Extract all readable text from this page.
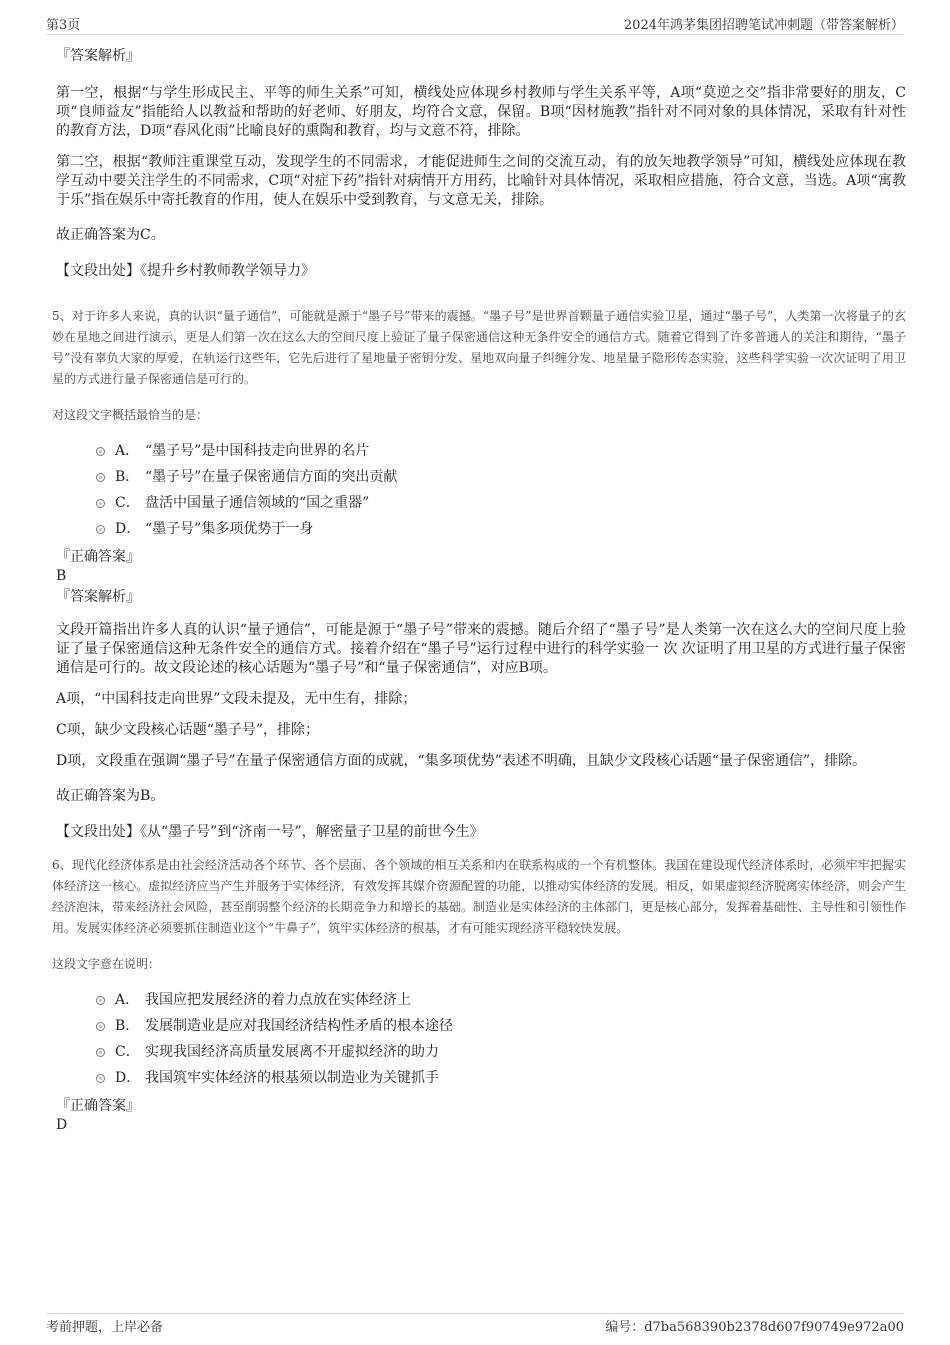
第3页	2024年鸿茅集团招聘笔试冲刺题（带答案解析）
『答案解析』
第一空，根据“与学生形成民主、平等的师生关系”可知，横线处应体现乡村教师与学生关系平等，A项“莫逆之交”指非常要好的朋友，C项“良师益友”指能给人以教益和帮助的好老师、好朋友，均符合文意，保留。B项“因材施教”指针对不同对象的具体情况，采取有针对性的教育方法，D项“春风化雨”比喻良好的熏陶和教育，均与文意不符，排除。
第二空，根据“教师注重课堂互动，发现学生的不同需求，才能促进师生之间的交流互动，有的放矢地教学领导”可知，横线处应体现在教学互动中要关注学生的不同需求，C项“对症下药”指针对病情开方用药，比喻针对具体情况，采取相应措施，符合文意，当选。A项“寓教于乐”指在娱乐中寄托教育的作用，使人在娱乐中受到教育，与文意无关，排除。
故正确答案为C。
【文段出处】《提升乡村教师教学领导力》
5、对于许多人来说，真的认识“量子通信”，可能就是源于“墨子号”带来的震撼。“墨子号”是世界首颗量子通信实验卫星，通过“墨子号”，人类第一次将量子的玄妙在星地之间进行演示，更是人们第一次在这么大的空间尺度上验证了量子保密通信这种无条件安全的通信方式。随着它得到了许多普通人的关注和期待，“墨子号”没有辜负大家的厚爱，在轨运行这些年，它先后进行了星地量子密钥分发、星地双向量子纠缠分发、地星量子隐形传态实验，这些科学实验一次次证明了用卫星的方式进行量子保密通信是可行的。
对这段文字概括最恰当的是：
A． “墨子号”是中国科技走向世界的名片
B． “墨子号”在量子保密通信方面的突出贡献
C． 盘活中国量子通信领域的“国之重器”
D． “墨子号”集多项优势于一身
『正确答案』
B
『答案解析』
文段开篇指出许多人真的认识“量子通信”，可能是源于“墨子号”带来的震撼。随后介绍了“墨子号”是人类第一次在这么大的空间尺度上验证了量子保密通信这种无条件安全的通信方式。接着介绍在“墨子号”运行过程中进行的科学实验一 次 次证明了用卫星的方式进行量子保密通信是可行的。故文段论述的核心话题为“墨子号”和“量子保密通信”，对应B项。
A项，“中国科技走向世界”文段未提及，无中生有，排除；
C项，缺少文段核心话题“墨子号”，排除；
D项，文段重在强调“墨子号”在量子保密通信方面的成就，“集多项优势”表述不明确，且缺少文段核心话题“量子保密通信”，排除。
故正确答案为B。
【文段出处】《从“墨子号”到“济南一号”，解密量子卫星的前世今生》
6、现代化经济体系是由社会经济活动各个环节、各个层面、各个领域的相互关系和内在联系构成的一个有机整体。我国在建设现代经济体系时，必须牢牢把握实体经济这一核心。虚拟经济应当产生并服务于实体经济，有效发挥其媒介资源配置的功能，以推动实体经济的发展。相反，如果虚拟经济脱离实体经济，则会产生经济泡沫，带来经济社会风险，甚至削弱整个经济的长期竞争力和增长的基础。制造业是实体经济的主体部门，更是核心部分，发挥着基础性、主导性和引领性作用。发展实体经济必须要抓住制造业这个“牛鼻子”，筑牢实体经济的根基，才有可能实现经济平稳较快发展。
这段文字意在说明：
A． 我国应把发展经济的着力点放在实体经济上
B． 发展制造业是应对我国经济结构性矛盾的根本途径
C． 实现我国经济高质量发展离不开虚拟经济的助力
D． 我国筑牢实体经济的根基须以制造业为关键抓手
『正确答案』
D
考前押题，上岸必备	编号：d7ba568390b2378d607f90749e972a00
